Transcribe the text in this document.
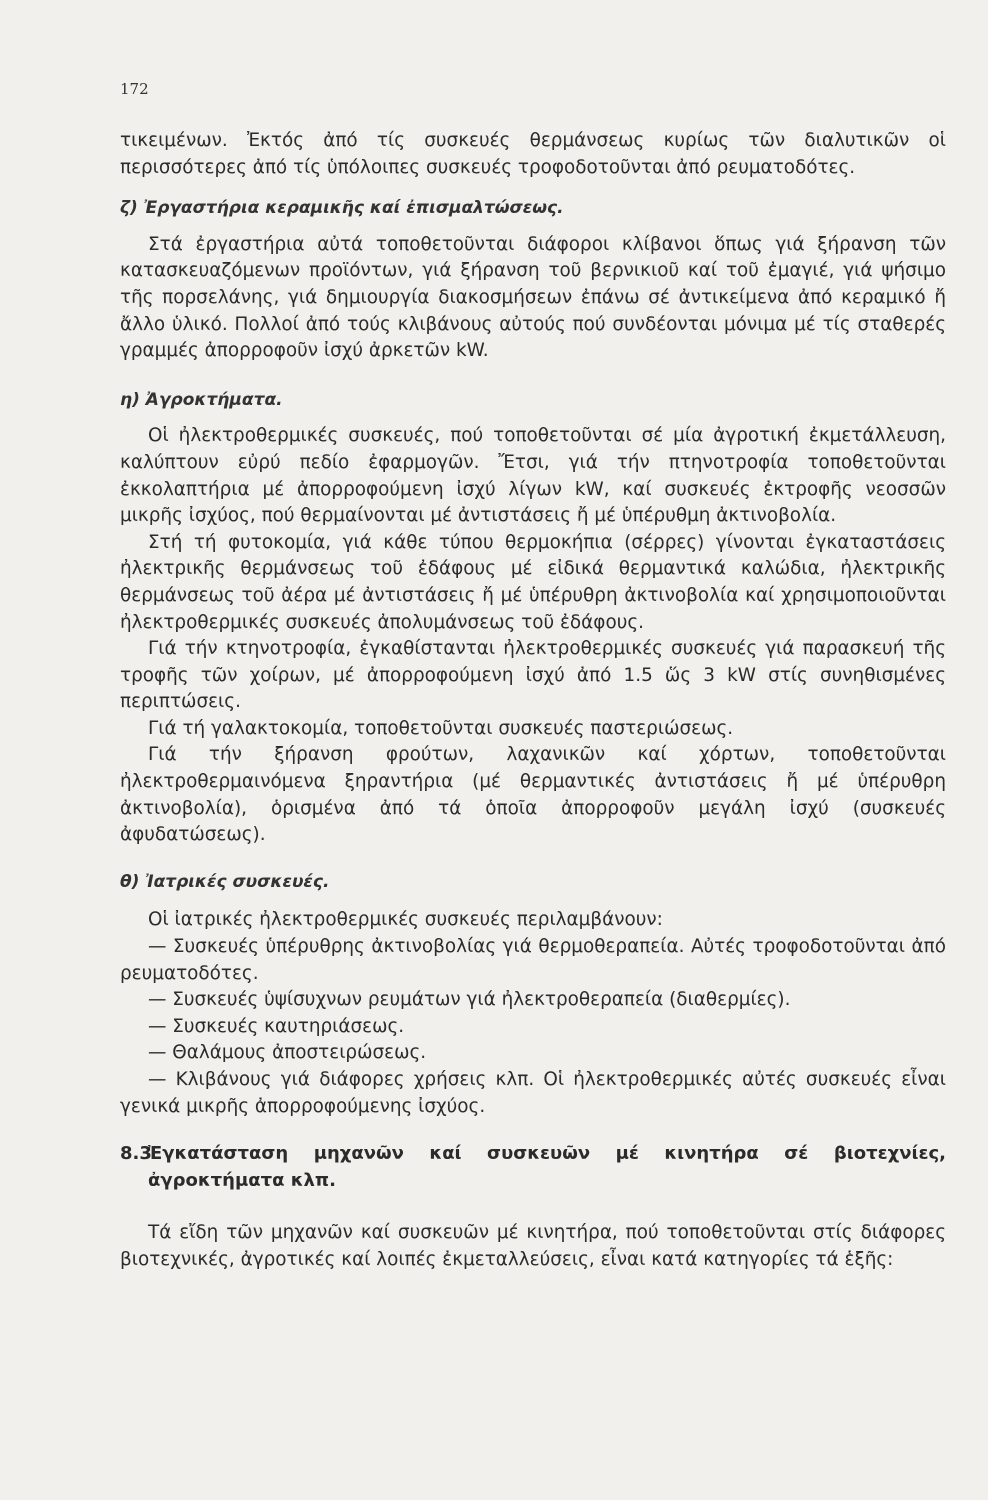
172

τικειμένων. Ἐκτός ἀπό τίς συσκευές θερμάνσεως κυρίως τῶν διαλυτικῶν οἱ περισσότερες ἀπό τίς ὑπόλοιπες συσκευές τροφοδοτοῦνται ἀπό ρευματοδότες.

ζ) Ἐργαστήρια κεραμικῆς καί ἐπισμαλτώσεως.

Στά ἐργαστήρια αὐτά τοποθετοῦνται διάφοροι κλίβανοι ὅπως γιά ξήρανση τῶν κατασκευαζόμενων προϊόντων, γιά ξήρανση τοῦ βερνικιοῦ καί τοῦ ἐμαγιέ, γιά ψήσιμο τῆς πορσελάνης, γιά δημιουργία διακοσμήσεων ἐπάνω σέ ἀντικείμενα ἀπό κεραμικό ἤ ἄλλο ὑλικό. Πολλοί ἀπό τούς κλιβάνους αὐτούς πού συνδέονται μόνιμα μέ τίς σταθερές γραμμές ἀπορροφοῦν ἰσχύ ἀρκετῶν kW.

η) Ἀγροκτήματα.

Οἱ ἠλεκτροθερμικές συσκευές, πού τοποθετοῦνται σέ μία ἀγροτική ἐκμετάλλευση, καλύπτουν εὐρύ πεδίο ἐφαρμογῶν. Ἔτσι, γιά τήν πτηνοτροφία τοποθετοῦνται ἐκκολαπτήρια μέ ἀπορροφούμενη ἰσχύ λίγων kW, καί συσκευές ἐκτροφῆς νεοσσῶν μικρῆς ἰσχύος, πού θερμαίνονται μέ ἀντιστάσεις ἤ μέ ὑπέρυθμη ἀκτινοβολία.

Στή τή φυτοκομία, γιά κάθε τύπου θερμοκήπια (σέρρες) γίνονται ἐγκαταστάσεις ἠλεκτρικῆς θερμάνσεως τοῦ ἐδάφους μέ εἰδικά θερμαντικά καλώδια, ἠλεκτρικῆς θερμάνσεως τοῦ ἀέρα μέ ἀντιστάσεις ἤ μέ ὑπέρυθρη ἀκτινοβολία καί χρησιμοποιοῦνται ἠλεκτροθερμικές συσκευές ἀπολυμάνσεως τοῦ ἐδάφους.

Γιά τήν κτηνοτροφία, ἐγκαθίστανται ἠλεκτροθερμικές συσκευές γιά παρασκευή τῆς τροφῆς τῶν χοίρων, μέ ἀπορροφούμενη ἰσχύ ἀπό 1.5 ὥς 3 kW στίς συνηθισμένες περιπτώσεις.

Γιά τή γαλακτοκομία, τοποθετοῦνται συσκευές παστεριώσεως.

Γιά τήν ξήρανση φρούτων, λαχανικῶν καί χόρτων, τοποθετοῦνται ἠλεκτροθερμαινόμενα ξηραντήρια (μέ θερμαντικές ἀντιστάσεις ἤ μέ ὑπέρυθρη ἀκτινοβολία), ὁρισμένα ἀπό τά ὁποῖα ἀπορροφοῦν μεγάλη ἰσχύ (συσκευές ἀφυδατώσεως).

θ) Ἰατρικές συσκευές.

Οἱ ἰατρικές ἠλεκτροθερμικές συσκευές περιλαμβάνουν:

— Συσκευές ὑπέρυθρης ἀκτινοβολίας γιά θερμοθεραπεία. Αὐτές τροφοδοτοῦνται ἀπό ρευματοδότες.

— Συσκευές ὑψίσυχνων ρευμάτων γιά ἠλεκτροθεραπεία (διαθερμίες).

— Συσκευές καυτηριάσεως.

— Θαλάμους ἀποστειρώσεως.

— Κλιβάνους γιά διάφορες χρήσεις κλπ. Οἱ ἠλεκτροθερμικές αὐτές συσκευές εἶναι γενικά μικρῆς ἀπορροφούμενης ἰσχύος.

8.3Ἐγκατάσταση μηχανῶν καί συσκευῶν μέ κινητήρα σέ βιοτεχνίες, ἀγροκτήματα κλπ.

Τά εἴδη τῶν μηχανῶν καί συσκευῶν μέ κινητήρα, πού τοποθετοῦνται στίς διάφορες βιοτεχνικές, ἀγροτικές καί λοιπές ἐκμεταλλεύσεις, εἶναι κατά κατηγορίες τά ἑξῆς:
